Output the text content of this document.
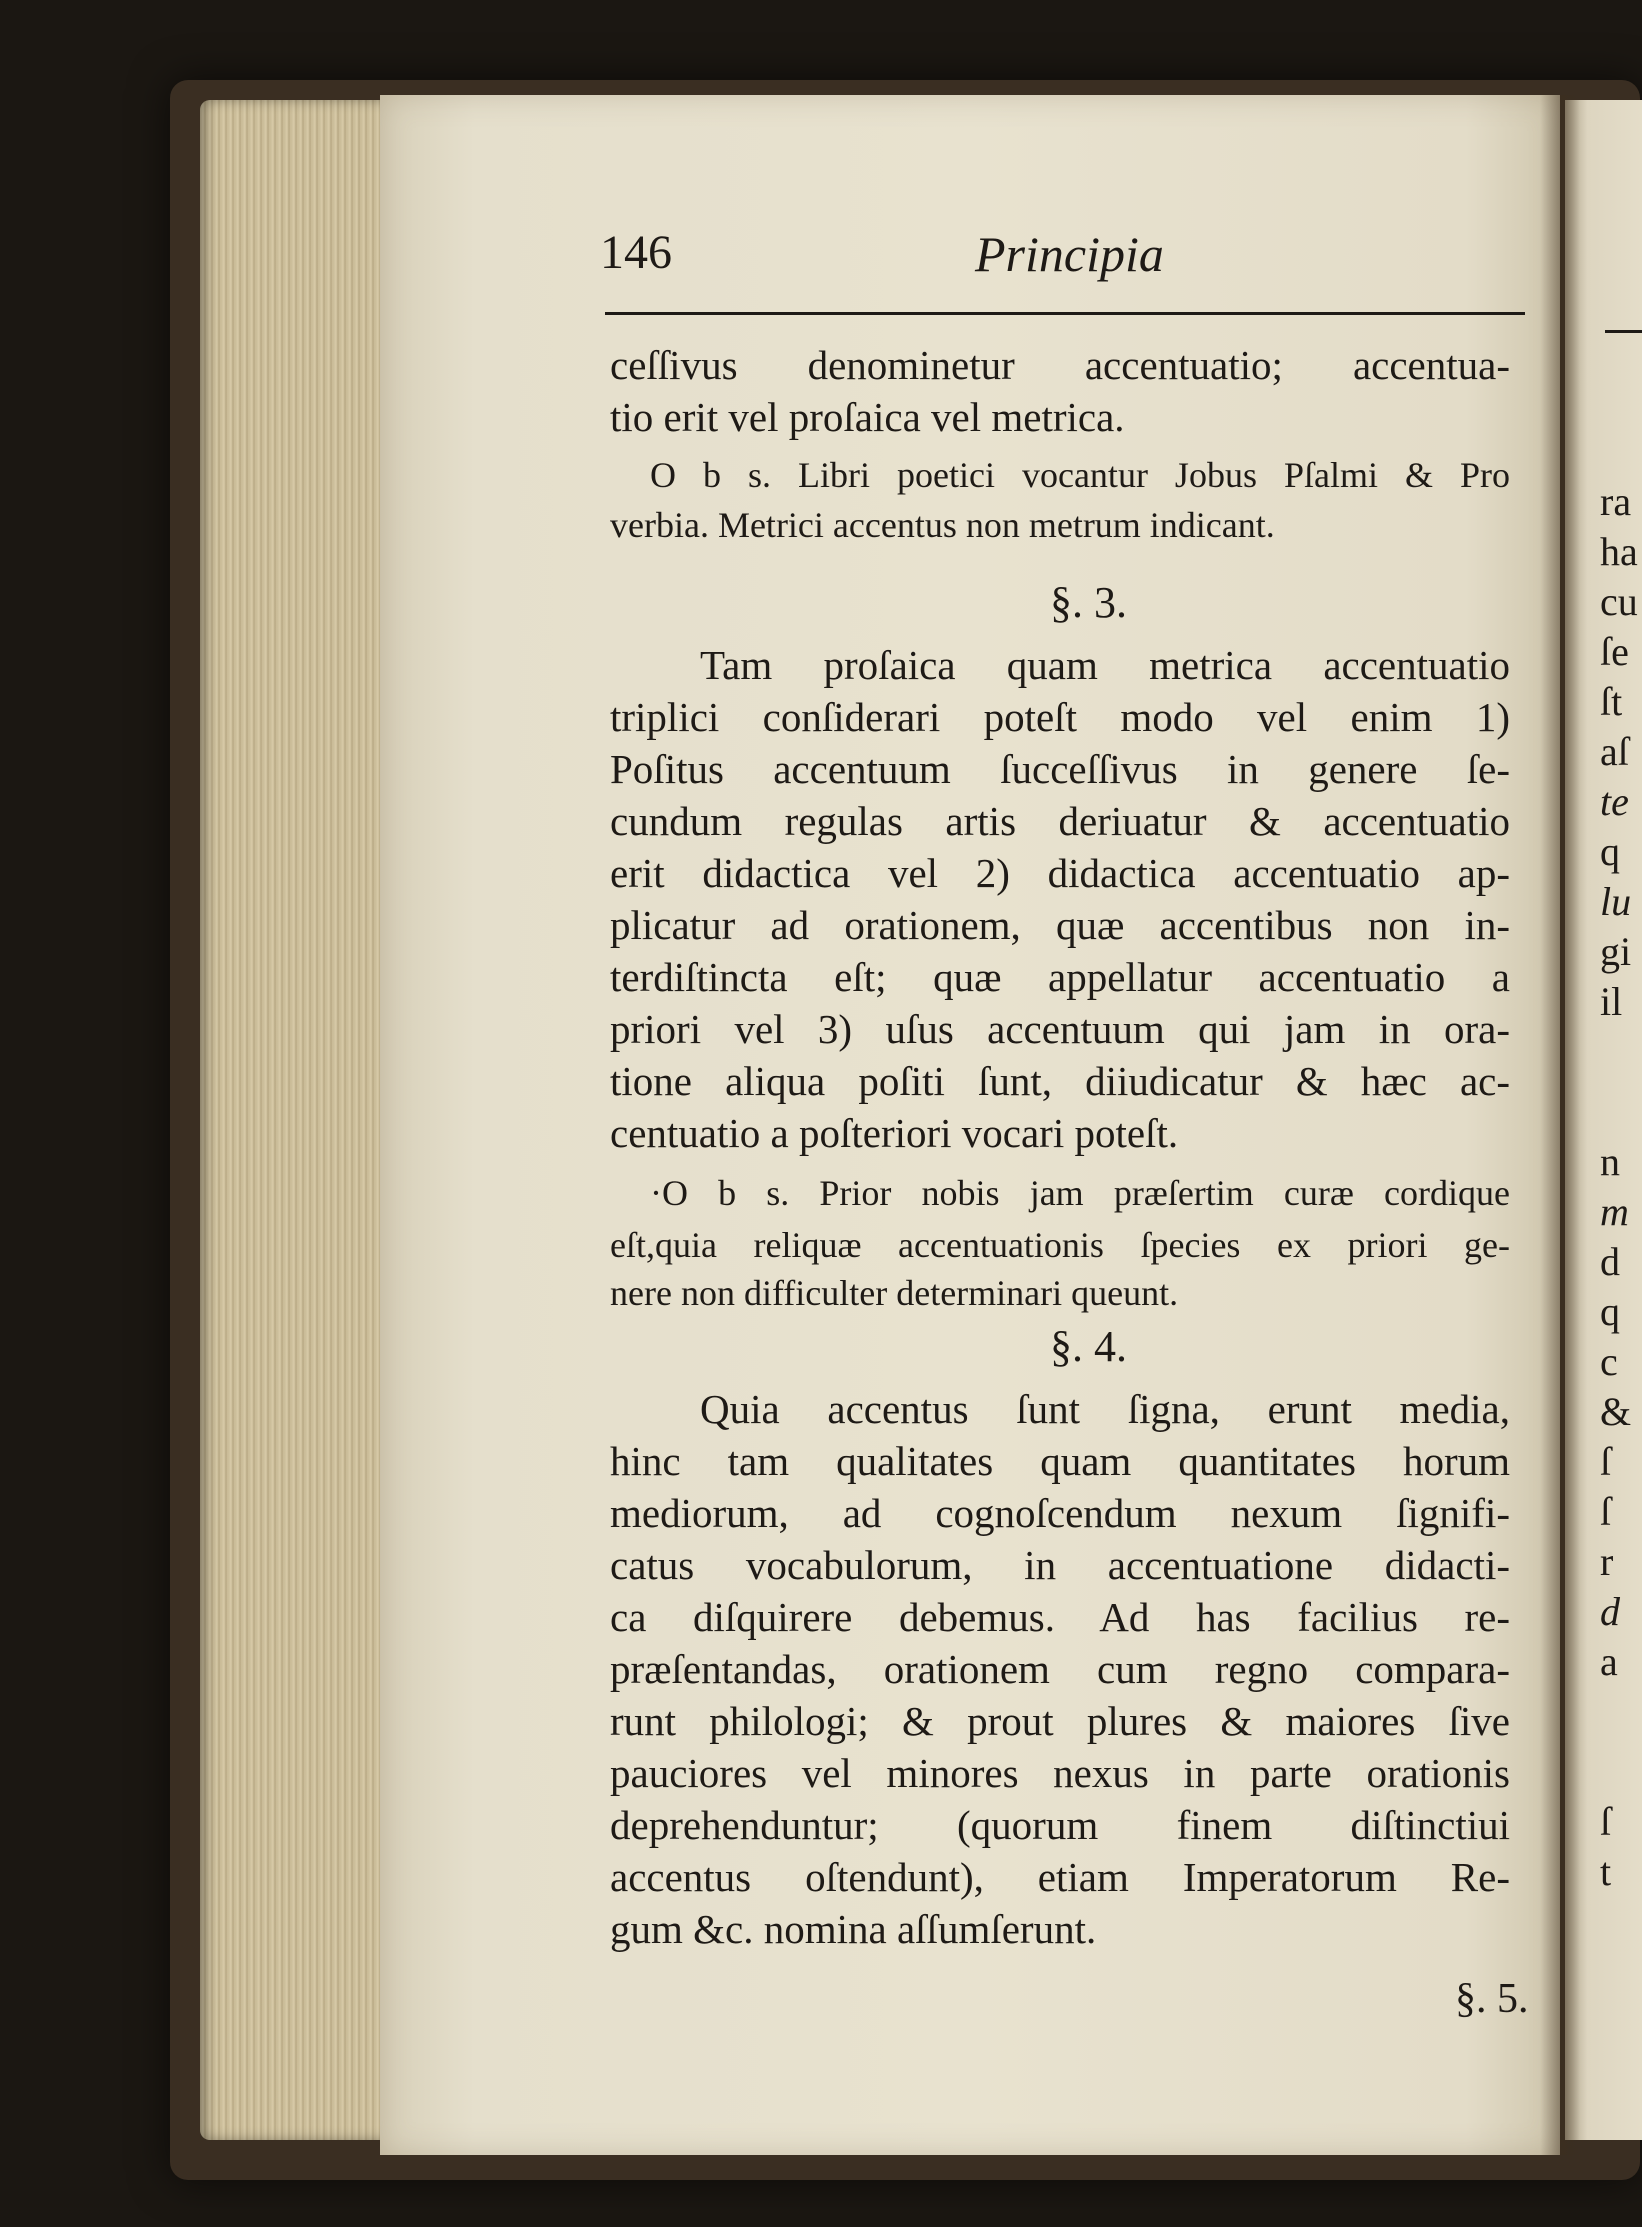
146	Principia
ceſſivus denominetur accentuatio; accentua-
tio erit vel proſaica vel metrica.
O b s. Libri poetici vocantur Jobus Pſalmi & Pro
verbia. Metrici accentus non metrum indicant.
§. 3.
Tam proſaica quam metrica accentuatio
triplici conſiderari poteſt modo vel enim 1)
Poſitus accentuum ſucceſſivus in genere ſe-
cundum regulas artis deriuatur & accentuatio
erit didactica vel 2) didactica accentuatio ap-
plicatur ad orationem, quæ accentibus non in-
terdiſtincta eſt; quæ appellatur accentuatio a
priori vel 3) uſus accentuum qui jam in ora-
tione aliqua poſiti ſunt, diiudicatur & hæc ac-
centuatio a poſteriori vocari poteſt.
·O b s. Prior nobis jam præſertim curæ cordique
eſt,quia reliquæ accentuationis ſpecies ex priori ge-
nere non difficulter determinari queunt.
§. 4.
Quia accentus ſunt ſigna, erunt media,
hinc tam qualitates quam quantitates horum
mediorum, ad cognoſcendum nexum ſignifi-
catus vocabulorum, in accentuatione didacti-
ca diſquirere debemus. Ad has facilius re-
præſentandas, orationem cum regno compara-
runt philologi; & prout plures & maiores ſive
pauciores vel minores nexus in parte orationis
deprehenduntur; (quorum finem diſtinctiui
accentus oſtendunt), etiam Imperatorum Re-
gum &c. nomina aſſumſerunt.
§. 5.
ra
ha
cu
ſe
ſt
aſ
te
q
lu
gi
il
n
m
d
q
c
&
ſ
ſ
r
d
a
ſ
t
